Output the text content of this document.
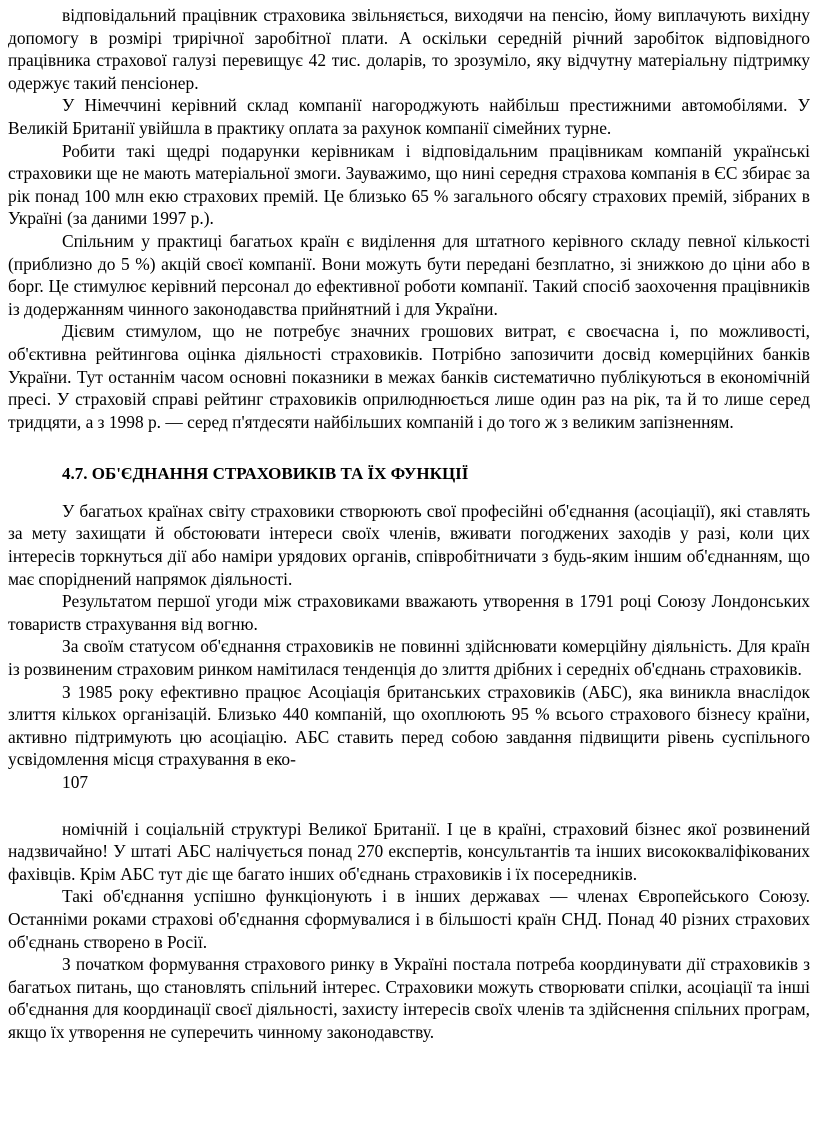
відповідальний працівник страховика звільняється, виходячи на пенсію, йому виплачують вихідну допомогу в розмірі трирічної заробітної плати. А оскільки середній річний заробіток відповідного працівника страхової галузі перевищує 42 тис. доларів, то зрозуміло, яку відчутну матеріальну підтримку одержує такий пенсіонер.

У Німеччині керівний склад компанії нагороджують найбільш престижними автомобілями. У Великій Британії увійшла в практику оплата за рахунок компанії сімейних турне.

Робити такі щедрі подарунки керівникам і відповідальним працівникам компаній українські страховики ще не мають матеріальної змоги. Зауважимо, що нині середня страхова компанія в ЄС збирає за рік понад 100 млн екю страхових премій. Це близько 65 % загального обсягу страхових премій, зібраних в Україні (за даними 1997 р.).

Спільним у практиці багатьох країн є виділення для штатного керівного складу певної кількості (приблизно до 5 %) акцій своєї компанії. Вони можуть бути передані безплатно, зі знижкою до ціни або в борг. Це стимулює керівний персонал до ефективної роботи компанії. Такий спосіб заохочення працівників із додержанням чинного законодавства прийнятний і для України.

Дієвим стимулом, що не потребує значних грошових витрат, є своєчасна і, по можливості, об'єктивна рейтингова оцінка діяльності страховиків. Потрібно запозичити досвід комерційних банків України. Тут останнім часом основні показники в межах банків систематично публікуються в економічній пресі. У страховій справі рейтинг страховиків оприлюднюється лише один раз на рік, та й то лише серед тридцяти, а з 1998 р. — серед п'ятдесяти найбільших компаній і до того ж з великим запізненням.

4.7. ОБ'ЄДНАННЯ СТРАХОВИКІВ ТА ЇХ ФУНКЦІЇ

У багатьох країнах світу страховики створюють свої професійні об'єднання (асоціації), які ставлять за мету захищати й обстоювати інтереси своїх членів, вживати погоджених заходів у разі, коли цих інтересів торкнуться дії або наміри урядових органів, співробітничати з будь-яким іншим об'єднанням, що має споріднений напрямок діяльності.

Результатом першої угоди між страховиками вважають утворення в 1791 році Союзу Лондонських товариств страхування від вогню.

За своїм статусом об'єднання страховиків не повинні здійснювати комерційну діяльність. Для країн із розвиненим страховим ринком намітилася тенденція до злиття дрібних і середніх об'єднань страховиків.

З 1985 року ефективно працює Асоціація британських страховиків (АБС), яка виникла внаслідок злиття кількох організацій. Близько 440 компаній, що охоплюють 95 % всього страхового бізнесу країни, активно підтримують цю асоціацію. АБС ставить перед собою завдання підвищити рівень суспільного усвідомлення місця страхування в еко-

107

номічній і соціальній структурі Великої Британії. І це в країні, страховий бізнес якої розвинений надзвичайно! У штаті АБС налічується понад 270 експертів, консультантів та інших висококваліфікованих фахівців. Крім АБС тут діє ще багато інших об'єднань страховиків і їх посередників.

Такі об'єднання успішно функціонують і в інших державах — членах Європейського Союзу. Останніми роками страхові об'єднання сформувалися і в більшості країн СНД. Понад 40 різних страхових об'єднань створено в Росії.

З початком формування страхового ринку в Україні постала потреба координувати дії страховиків з багатьох питань, що становлять спільний інтерес. Страховики можуть створювати спілки, асоціації та інші об'єднання для координації своєї діяльності, захисту інтересів своїх членів та здійснення спільних програм, якщо їх утворення не суперечить чинному законодавству.
